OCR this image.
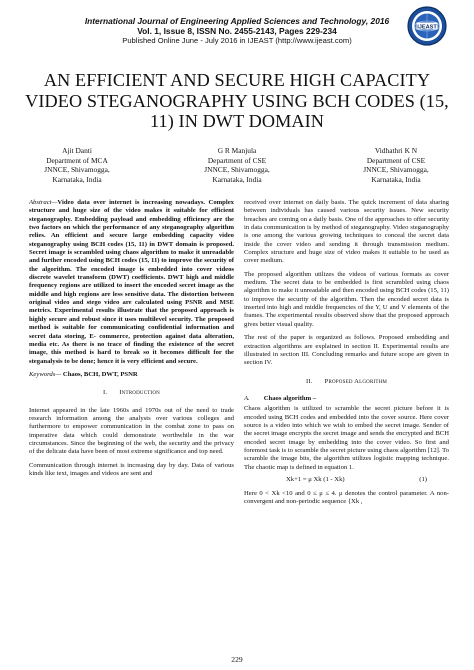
International Journal of Engineering Applied Sciences and Technology, 2016
Vol. 1, Issue 8, ISSN No. 2455-2143, Pages 229-234
Published Online June - July 2016 in IJEAST (http://www.ijeast.com)
IJEAST
AN EFFICIENT AND SECURE HIGH CAPACITY VIDEO STEGANOGRAPHY USING BCH CODES (15, 11) IN DWT DOMAIN
Ajit Danti
Department of MCA
JNNCE, Shivamogga,
Karnataka, India
G R Manjula
Department of CSE
JNNCE, Shivamogga,
Karnataka, India
Vidhathri K N
Department of CSE
JNNCE, Shivamogga,
Karnataka, India

Abstract—Video data over internet is increasing nowadays. Complex structure and huge size of the video makes it suitable for efficient steganography. Embedding payload and embedding efficiency are the two factors on which the performance of any steganography algorithm relies. An efficient and secure large embedding capacity video steganography using BCH codes (15, 11) in DWT domain is proposed. Secret image is scrambled using chaos algorithm to make it unreadable and further encoded using BCH codes (15, 11) to improve the security of the algorithm. The encoded image is embedded into cover videos discrete wavelet transform (DWT) coefficients. DWT high and middle frequency regions are utilized to insert the encoded secret image as the middle and high regions are less sensitive data. The distortion between original video and stego video are calculated using PSNR and MSE metrics. Experimental results illustrate that the proposed approach is highly secure and robust since it uses multilevel security. The proposed method is suitable for communicating confidential information and secret data storing, E- commerce, protection against data alteration, media etc. As there is no trace of finding the existence of the secret image, this method is hard to break so it becomes difficult for the steganalysis to be done; hence it is very efficient and secure.

Keywords— Chaos, BCH, DWT, PSNR

I. Introduction

Internet appeared in the late 1960s and 1970s out of the need to trade research information among the analysts over various colleges and furthermore to empower communication in the combat zone to pass on imperative data which could demonstrate worthwhile in the war circumstances. Since the beginning of the web, the security and the privacy of the delicate data have been of most extreme significance and top need.

Communication through internet is increasing day by day. Data of various kinds like text, images and videos are sent and

received over internet on daily basis. The quick increment of data sharing between individuals has caused various security issues. New security breaches are coming on a daily basis. One of the approaches to offer security in data communication is by method of steganography. Video steganography is one among the various growing techniques to conceal the secret data inside the cover video and sending it through transmission medium. Complex structure and huge size of video makes it suitable to be used as cover medium.

The proposed algorithm utilizes the videos of various formats as cover medium. The secret data to be embedded is first scrambled using chaos algorithm to make it unreadable and then encoded using BCH codes (15, 11) to improve the security of the algorithm. Then the encoded secret data is inserted into high and middle frequencies of the Y, U and V elements of the frames. The experimental results observed show that the proposed approach gives better visual quality.

The rest of the paper is organized as follows. Proposed embedding and extraction algorithms are explained in section II. Experimental results are illustrated in section III. Concluding remarks and future scope are given in section IV.

II. Proposed Algorithm
A. Chaos algorithm –

Chaos algorithm is utilized to scramble the secret picture before it is encoded using BCH codes and embedded into the cover source. Here cover source is a video into which we wish to embed the secret image. Sender of the secret image encrypts the secret image and sends the encrypted and BCH encoded secret image by embedding into the cover video. So first and foremost task is to scramble the secret picture using chaos algorithm [12]. To scramble the image bits, the algorithm utilizes logistic mapping technique. The chaotic map is defined in equation 1.

Xk+1 = μ Xk (1 - Xk)	(1)

Here 0 < Xk <10 and 0 ≤ μ ≤ 4. μ denotes the control parameter. A non-convergent and non-periodic sequence {Xk ,

229
